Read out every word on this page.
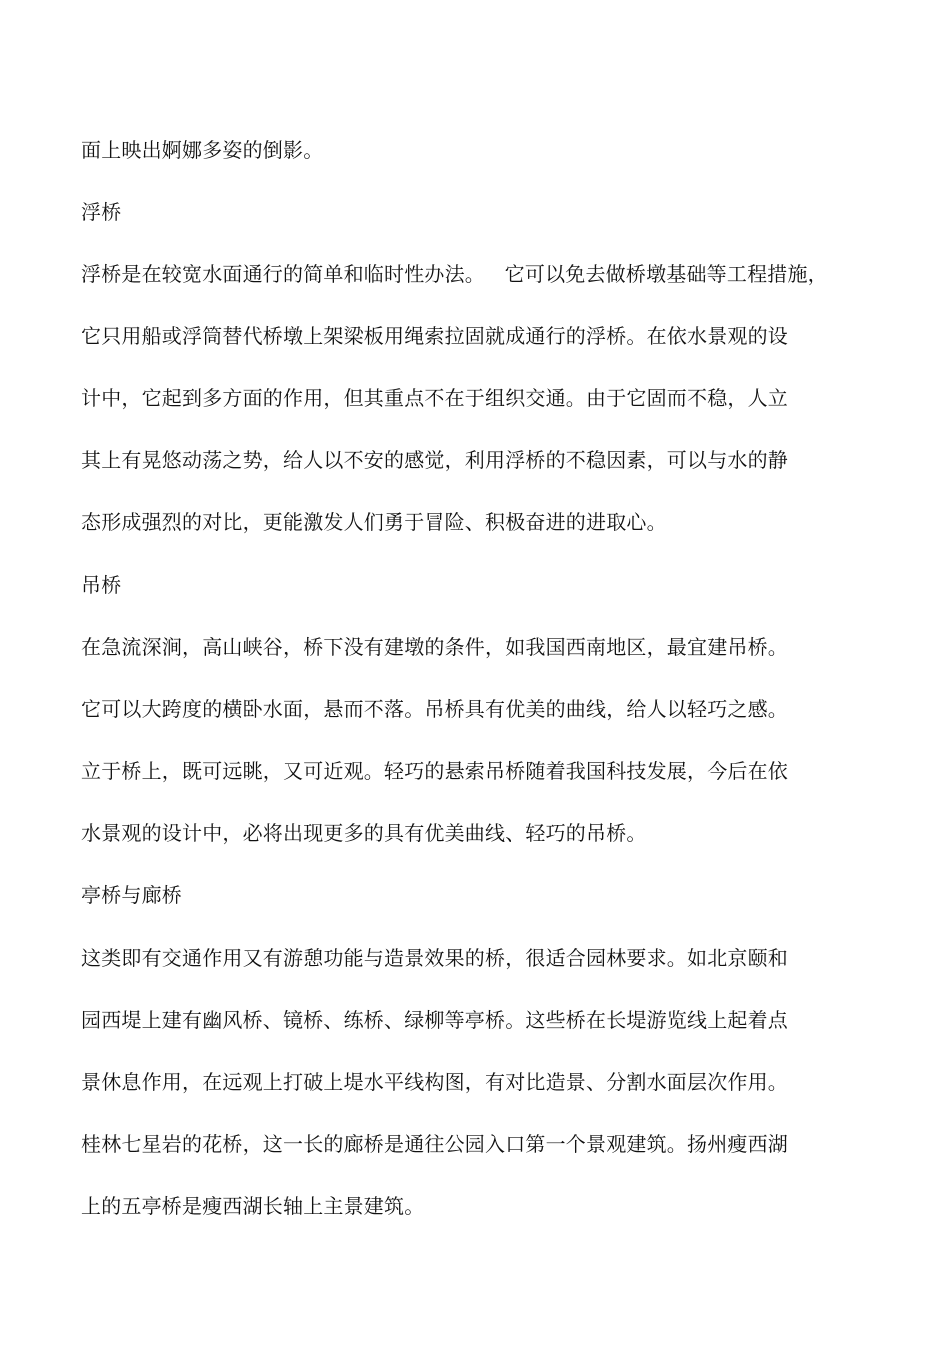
面上映出婀娜多姿的倒影。
浮桥
浮桥是在较宽水面通行的简单和临时性办法。   它可以免去做桥墩基础等工程措施，
它只用船或浮筒替代桥墩上架梁板用绳索拉固就成通行的浮桥。在依水景观的设
计中，它起到多方面的作用，但其重点不在于组织交通。由于它固而不稳，人立
其上有晃悠动荡之势，给人以不安的感觉，利用浮桥的不稳因素，可以与水的静
态形成强烈的对比，更能激发人们勇于冒险、积极奋进的进取心。
吊桥
在急流深涧，高山峡谷，桥下没有建墩的条件，如我国西南地区，最宜建吊桥。
它可以大跨度的横卧水面，悬而不落。吊桥具有优美的曲线，给人以轻巧之感。
立于桥上，既可远眺，又可近观。轻巧的悬索吊桥随着我国科技发展，今后在依
水景观的设计中，必将出现更多的具有优美曲线、轻巧的吊桥。
亭桥与廊桥
这类即有交通作用又有游憩功能与造景效果的桥，很适合园林要求。如北京颐和
园西堤上建有幽风桥、镜桥、练桥、绿柳等亭桥。这些桥在长堤游览线上起着点
景休息作用，在远观上打破上堤水平线构图，有对比造景、分割水面层次作用。
桂林七星岩的花桥，这一长的廊桥是通往公园入口第一个景观建筑。扬州瘦西湖
上的五亭桥是瘦西湖长轴上主景建筑。
